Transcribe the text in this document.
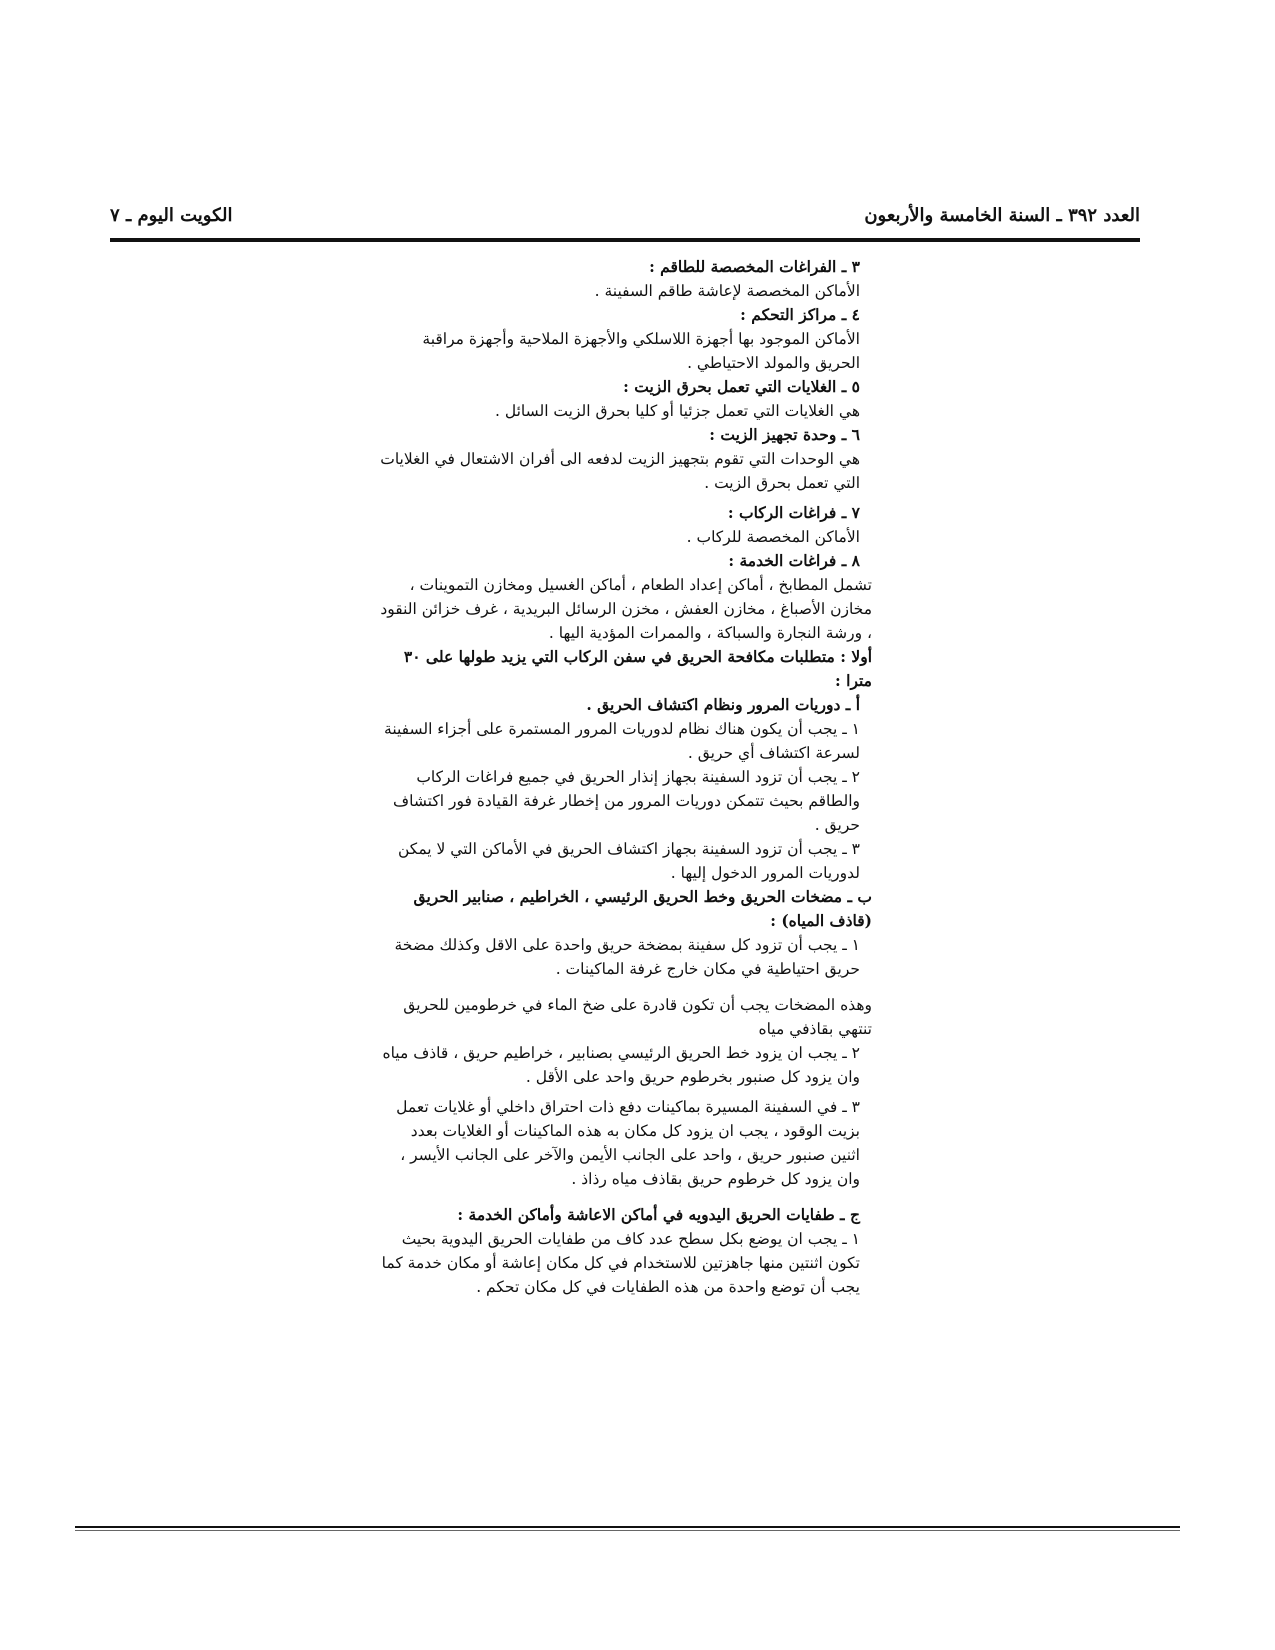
العدد ٣٩٢ ـ السنة الخامسة والأربعون
الكويت اليوم ـ ٧

٣ ـ الفراغات المخصصة للطاقم :

الأماكن المخصصة لإعاشة طاقم السفينة .

٤ ـ مراكز التحكم :

الأماكن الموجود بها أجهزة اللاسلكي والأجهزة الملاحية وأجهزة مراقبة الحريق والمولد الاحتياطي .

٥ ـ الغلايات التي تعمل بحرق الزيت :

هي الغلايات التي تعمل جزئيا أو كليا بحرق الزيت السائل .

٦ ـ وحدة تجهيز الزيت :

هي الوحدات التي تقوم بتجهيز الزيت لدفعه الى أفران الاشتعال في الغلايات التي تعمل بحرق الزيت .

٧ ـ فراغات الركاب :

الأماكن المخصصة للركاب .

٨ ـ فراغات الخدمة :

تشمل المطابخ ، أماكن إعداد الطعام ، أماكن الغسيل ومخازن التموينات ، مخازن الأصباغ ، مخازن العفش ، مخزن الرسائل البريدية ، غرف خزائن النقود ، ورشة النجارة والسباكة ، والممرات المؤدية اليها .

أولا : متطلبات مكافحة الحريق في سفن الركاب التي يزيد طولها على ٣٠ مترا :

أ ـ دوريات المرور ونظام اكتشاف الحريق .

١ ـ يجب أن يكون هناك نظام لدوريات المرور المستمرة على أجزاء السفينة لسرعة اكتشاف أي حريق .

٢ ـ يجب أن تزود السفينة بجهاز إنذار الحريق في جميع فراغات الركاب والطاقم بحيث تتمكن دوريات المرور من إخطار غرفة القيادة فور اكتشاف حريق .

٣ ـ يجب أن تزود السفينة بجهاز اكتشاف الحريق في الأماكن التي لا يمكن لدوريات المرور الدخول إليها .

ب ـ مضخات الحريق وخط الحريق الرئيسي ، الخراطيم ، صنابير الحريق (قاذف المياه) :

١ ـ يجب أن تزود كل سفينة بمضخة حريق واحدة على الاقل وكذلك مضخة حريق احتياطية في مكان خارج غرفة الماكينات .

وهذه المضخات يجب أن تكون قادرة على ضخ الماء في خرطومين للحريق تنتهي بقاذفي مياه

٢ ـ يجب ان يزود خط الحريق الرئيسي بصنابير ، خراطيم حريق ، قاذف مياه وان يزود كل صنبور بخرطوم حريق واحد على الأقل .

٣ ـ في السفينة المسيرة بماكينات دفع ذات احتراق داخلي أو غلايات تعمل بزيت الوقود ، يجب ان يزود كل مكان به هذه الماكينات أو الغلايات بعدد اثنين صنبور حريق ، واحد على الجانب الأيمن والآخر على الجانب الأيسر ، وان يزود كل خرطوم حريق بقاذف مياه رذاذ .

ج ـ طفايات الحريق اليدويه في أماكن الاعاشة وأماكن الخدمة :

١ ـ يجب ان يوضع بكل سطح عدد كاف من طفايات الحريق اليدوية بحيث تكون اثنتين منها جاهزتين للاستخدام في كل مكان إعاشة أو مكان خدمة كما يجب أن توضع واحدة من هذه الطفايات في كل مكان تحكم .
